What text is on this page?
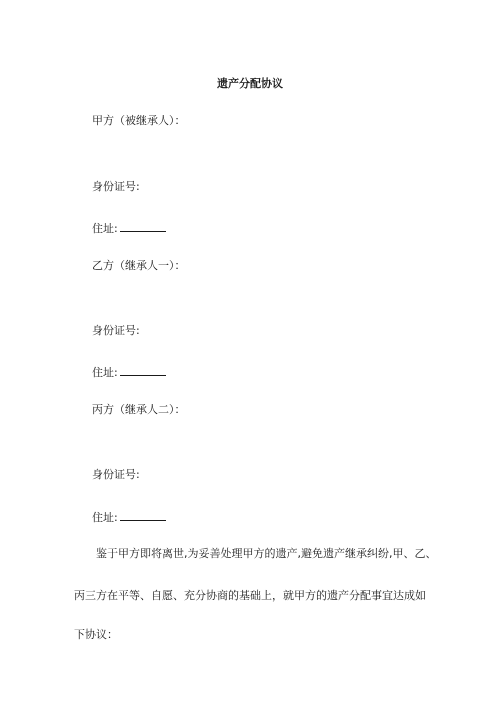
遗产分配协议
甲方（被继承人）：
身份证号:
住址:
乙方（继承人一）：
身份证号:
住址:
丙方（继承人二）：
身份证号:
住址:
鉴于甲方即将离世,为妥善处理甲方的遗产,避免遗产继承纠纷,甲、乙、
丙三方在平等、自愿、充分协商的基础上，就甲方的遗产分配事宜达成如
下协议：
